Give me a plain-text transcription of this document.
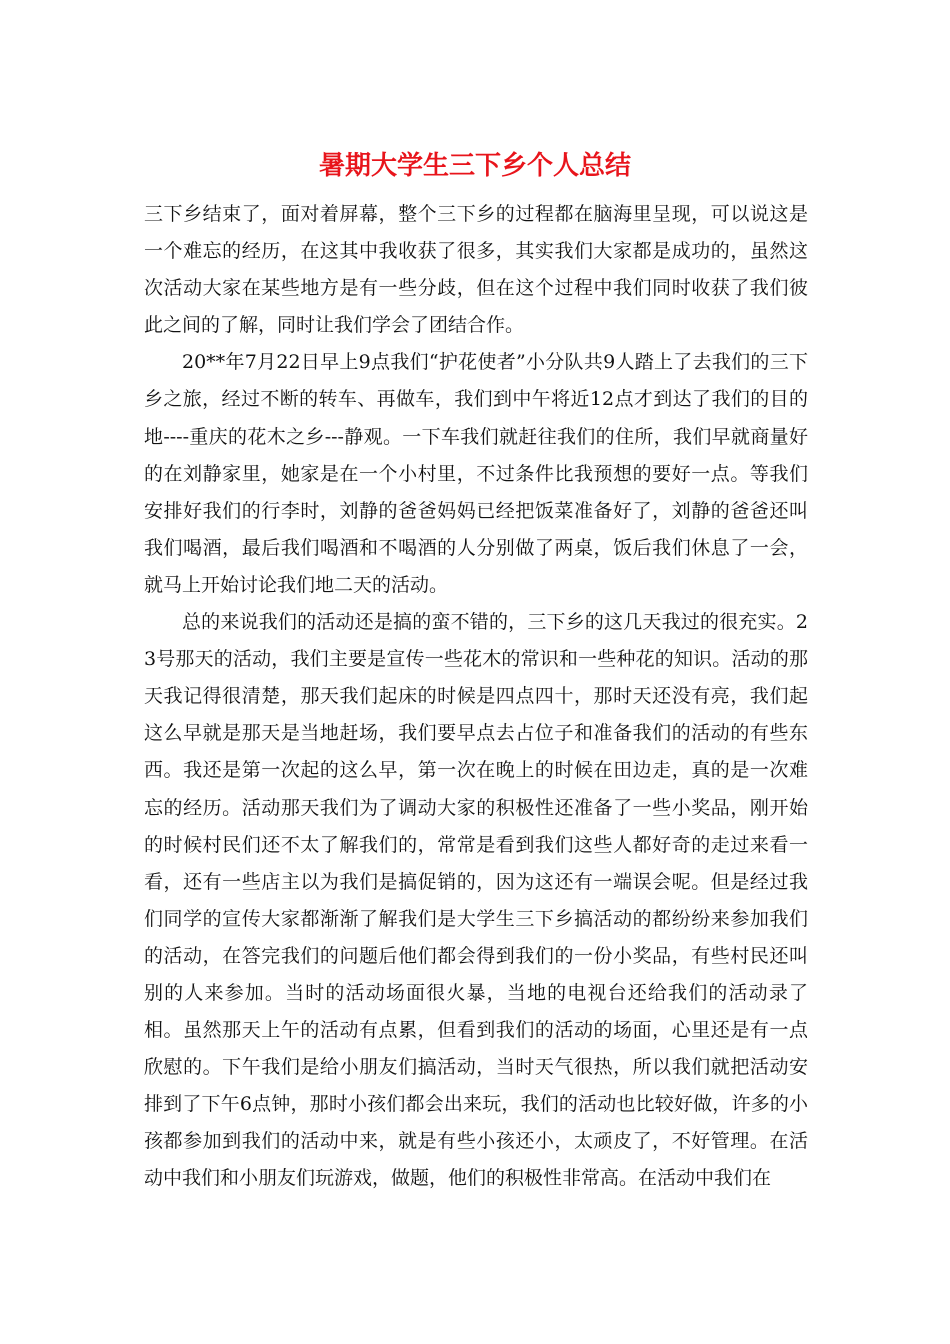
暑期大学生三下乡个人总结

三下乡结束了，面对着屏幕，整个三下乡的过程都在脑海里呈现，可以说这是一个难忘的经历，在这其中我收获了很多，其实我们大家都是成功的，虽然这次活动大家在某些地方是有一些分歧，但在这个过程中我们同时收获了我们彼此之间的了解，同时让我们学会了团结合作。

20**年7月22日早上9点我们“护花使者”小分队共9人踏上了去我们的三下乡之旅，经过不断的转车、再做车，我们到中午将近12点才到达了我们的目的地----重庆的花木之乡---静观。一下车我们就赶往我们的住所，我们早就商量好的在刘静家里，她家是在一个小村里，不过条件比我预想的要好一点。等我们安排好我们的行李时，刘静的爸爸妈妈已经把饭菜准备好了，刘静的爸爸还叫我们喝酒，最后我们喝酒和不喝酒的人分别做了两桌，饭后我们休息了一会，就马上开始讨论我们地二天的活动。

总的来说我们的活动还是搞的蛮不错的，三下乡的这几天我过的很充实。23号那天的活动，我们主要是宣传一些花木的常识和一些种花的知识。活动的那天我记得很清楚，那天我们起床的时候是四点四十，那时天还没有亮，我们起这么早就是那天是当地赶场，我们要早点去占位子和准备我们的活动的有些东西。我还是第一次起的这么早，第一次在晚上的时候在田边走，真的是一次难忘的经历。活动那天我们为了调动大家的积极性还准备了一些小奖品，刚开始的时候村民们还不太了解我们的，常常是看到我们这些人都好奇的走过来看一看，还有一些店主以为我们是搞促销的，因为这还有一端误会呢。但是经过我们同学的宣传大家都渐渐了解我们是大学生三下乡搞活动的都纷纷来参加我们的活动，在答完我们的问题后他们都会得到我们的一份小奖品，有些村民还叫别的人来参加。当时的活动场面很火暴，当地的电视台还给我们的活动录了相。虽然那天上午的活动有点累，但看到我们的活动的场面，心里还是有一点欣慰的。下午我们是给小朋友们搞活动，当时天气很热，所以我们就把活动安排到了下午6点钟，那时小孩们都会出来玩，我们的活动也比较好做，许多的小孩都参加到我们的活动中来，就是有些小孩还小，太顽皮了，不好管理。在活动中我们和小朋友们玩游戏，做题，他们的积极性非常高。在活动中我们在
